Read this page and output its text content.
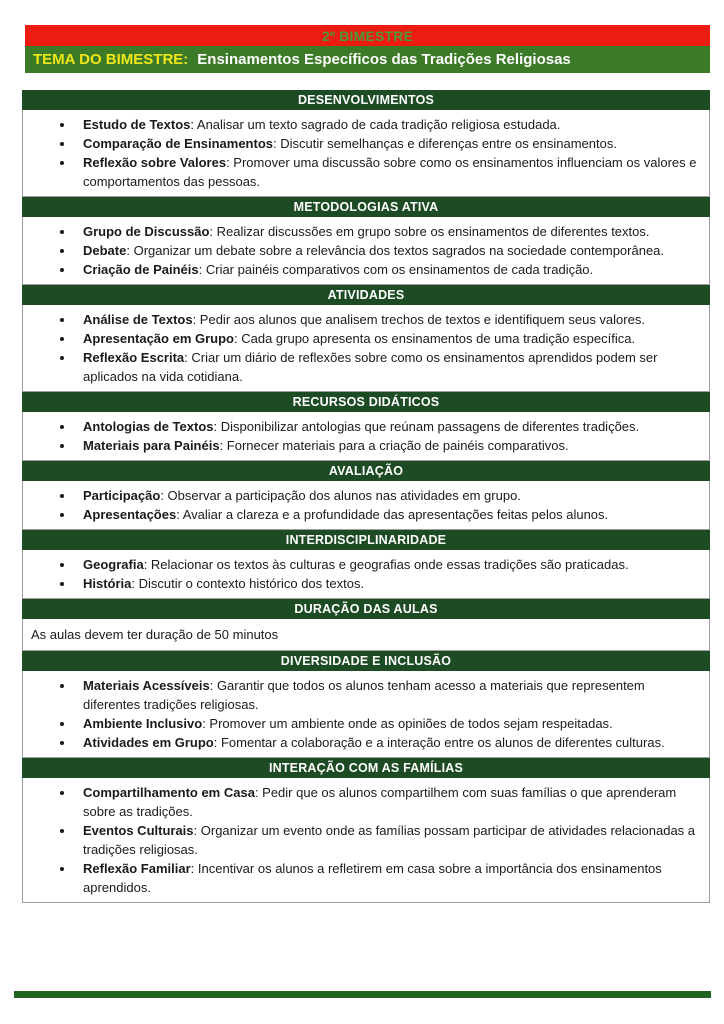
2º BIMESTRE
TEMA DO BIMESTRE: Ensinamentos Específicos das Tradições Religiosas
DESENVOLVIMENTOS
• Estudo de Textos: Analisar um texto sagrado de cada tradição religiosa estudada.
• Comparação de Ensinamentos: Discutir semelhanças e diferenças entre os ensinamentos.
• Reflexão sobre Valores: Promover uma discussão sobre como os ensinamentos influenciam os valores e comportamentos das pessoas.
METODOLOGIAS ATIVA
• Grupo de Discussão: Realizar discussões em grupo sobre os ensinamentos de diferentes textos.
• Debate: Organizar um debate sobre a relevância dos textos sagrados na sociedade contemporânea.
• Criação de Painéis: Criar painéis comparativos com os ensinamentos de cada tradição.
ATIVIDADES
• Análise de Textos: Pedir aos alunos que analisem trechos de textos e identifiquem seus valores.
• Apresentação em Grupo: Cada grupo apresenta os ensinamentos de uma tradição específica.
• Reflexão Escrita: Criar um diário de reflexões sobre como os ensinamentos aprendidos podem ser aplicados na vida cotidiana.
RECURSOS DIDÁTICOS
• Antologias de Textos: Disponibilizar antologias que reúnam passagens de diferentes tradições.
• Materiais para Painéis: Fornecer materiais para a criação de painéis comparativos.
AVALIAÇÃO
• Participação: Observar a participação dos alunos nas atividades em grupo.
• Apresentações: Avaliar a clareza e a profundidade das apresentações feitas pelos alunos.
INTERDISCIPLINARIDADE
• Geografia: Relacionar os textos às culturas e geografias onde essas tradições são praticadas.
• História: Discutir o contexto histórico dos textos.
DURAÇÃO DAS AULAS

As aulas devem ter duração de 50 minutos

DIVERSIDADE E INCLUSÃO
• Materiais Acessíveis: Garantir que todos os alunos tenham acesso a materiais que representem diferentes tradições religiosas.
• Ambiente Inclusivo: Promover um ambiente onde as opiniões de todos sejam respeitadas.
• Atividades em Grupo: Fomentar a colaboração e a interação entre os alunos de diferentes culturas.
INTERAÇÃO COM AS FAMÍLIAS
• Compartilhamento em Casa: Pedir que os alunos compartilhem com suas famílias o que aprenderam sobre as tradições.
• Eventos Culturais: Organizar um evento onde as famílias possam participar de atividades relacionadas a tradições religiosas.
• Reflexão Familiar: Incentivar os alunos a refletirem em casa sobre a importância dos ensinamentos aprendidos.
